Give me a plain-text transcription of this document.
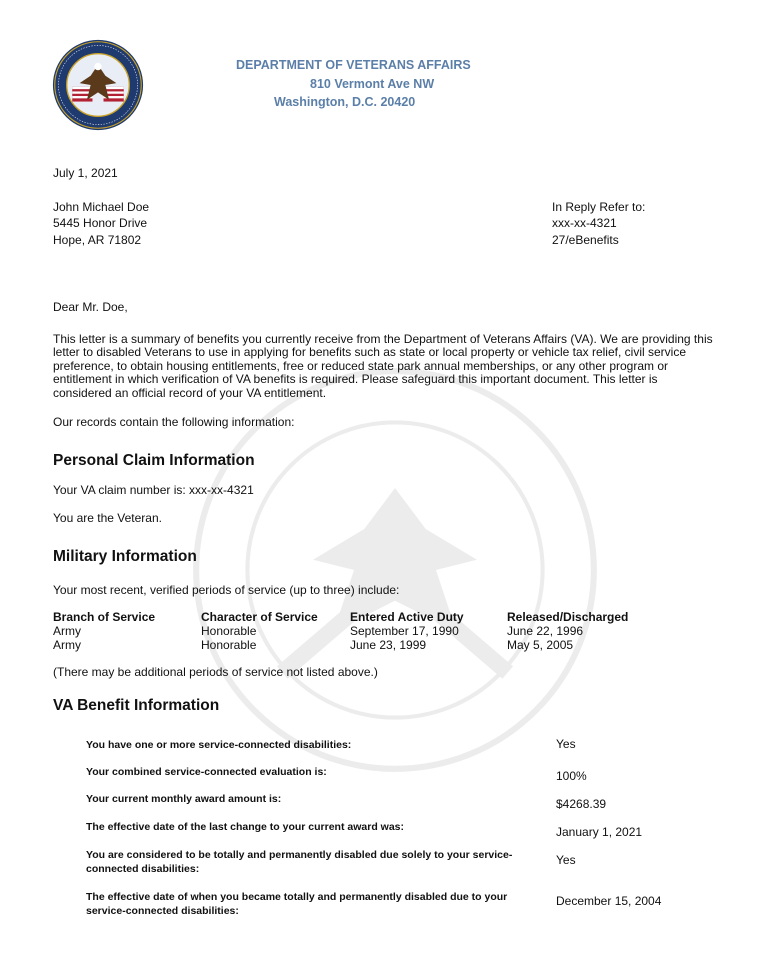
DEPARTMENT OF VETERANS AFFAIRS
810 Vermont Ave NW
Washington, D.C. 20420
July 1, 2021
John Michael Doe
5445 Honor Drive
Hope, AR 71802
In Reply Refer to:
xxx-xx-4321
27/eBenefits
Dear Mr. Doe,
This letter is a summary of benefits you currently receive from the Department of Veterans Affairs (VA). We are providing this letter to disabled Veterans to use in applying for benefits such as state or local property or vehicle tax relief, civil service preference, to obtain housing entitlements, free or reduced state park annual memberships, or any other program or entitlement in which verification of VA benefits is required. Please safeguard this important document. This letter is considered an official record of your VA entitlement.
Our records contain the following information:
Personal Claim Information
Your VA claim number is: xxx-xx-4321
You are the Veteran.
Military Information
Your most recent, verified periods of service (up to three) include:
Branch of Service	Character of Service	Entered Active Duty	Released/Discharged
Army	Honorable	September 17, 1990	June 22, 1996
Army	Honorable	June 23, 1999	May 5, 2005
(There may be additional periods of service not listed above.)
VA Benefit Information
You have one or more service-connected disabilities:	Yes
Your combined service-connected evaluation is:	100%
Your current monthly award amount is:	$4268.39
The effective date of the last change to your current award was:	January 1, 2021
You are considered to be totally and permanently disabled due solely to your service-connected disabilities:
Yes
The effective date of when you became totally and permanently disabled due to your service-connected disabilities:
December 15, 2004
